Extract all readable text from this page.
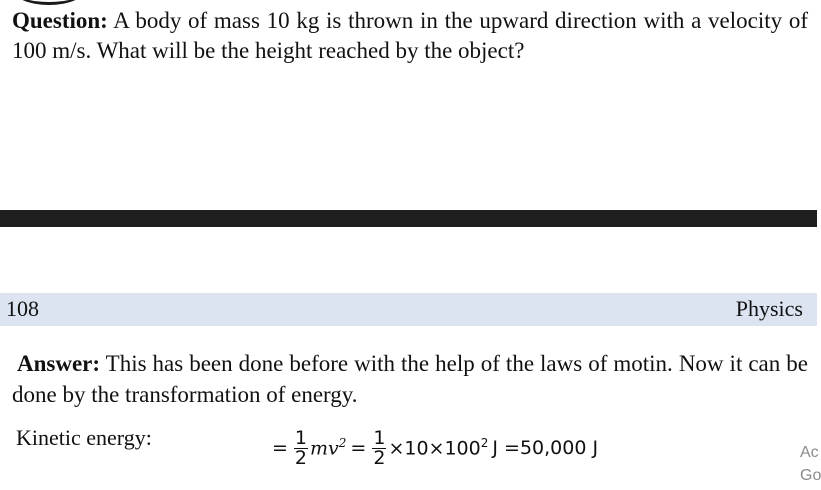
Question: A body of mass 10 kg is thrown in the upward direction with a velocity of 100 m/s. What will be the height reached by the object?
108	Physics
Answer: This has been done before with the help of the laws of motin. Now it can be done by the transformation of energy.
Kinetic energy:	= $\frac{1}{2} mv^2 = \frac{1}{2} \times 10\times 100^2$ J =50,000 J	Ac
Go
